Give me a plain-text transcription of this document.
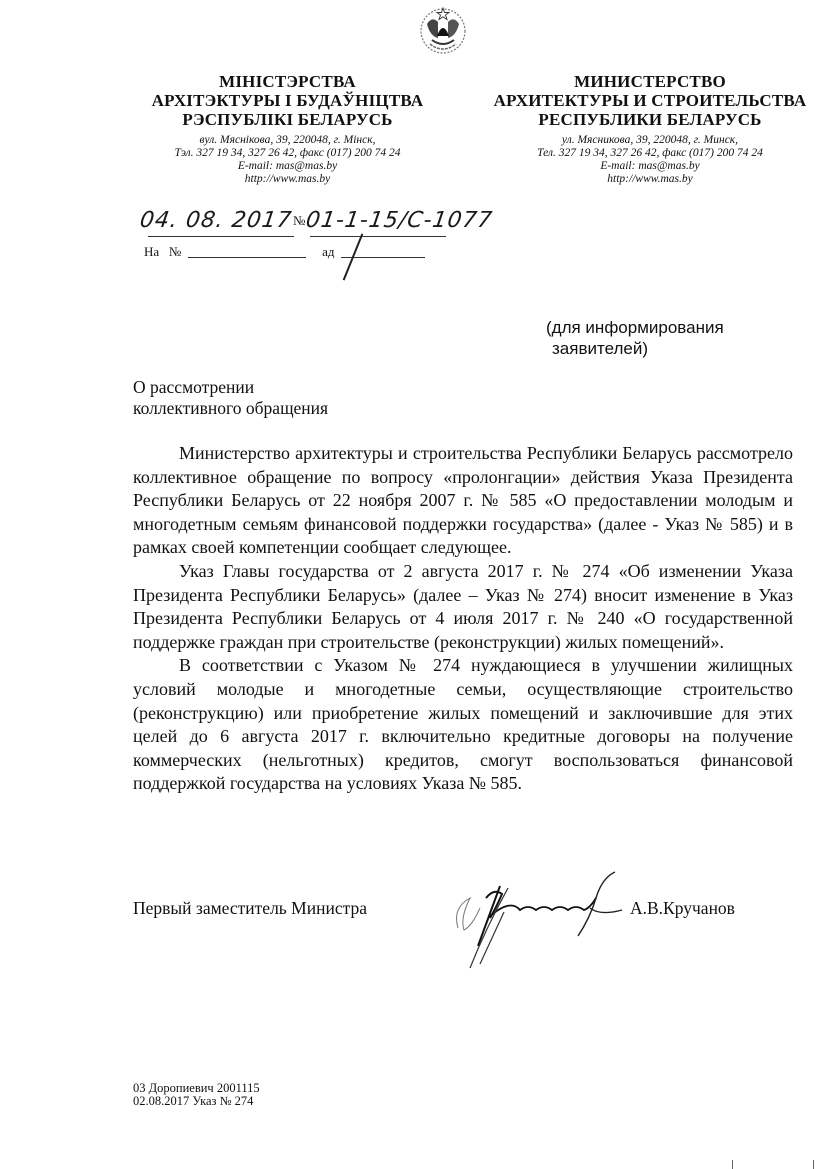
МІНІСТЭРСТВА
АРХІТЭКТУРЫ І БУДАЎНІЦТВА
РЭСПУБЛІКІ БЕЛАРУСЬ
вул. Мяснікова, 39, 220048, г. Мінск,
Тэл. 327 19 34, 327 26 42, факс (017) 200 74 24
E-mail: mas@mas.by
http://www.mas.by
МИНИСТЕРСТВО
АРХИТЕКТУРЫ И СТРОИТЕЛЬСТВА
РЕСПУБЛИКИ БЕЛАРУСЬ
ул. Мясникова, 39, 220048, г. Минск,
Тел. 327 19 34, 327 26 42, факс (017) 200 74 24
E-mail: mas@mas.by
http://www.mas.by
04. 08. 2017№01-1-15/С-1077
На №	ад
(для информирования
заявителей)
О рассмотрении
коллективного обращения

Министерство архитектуры и строительства Республики Беларусь рассмотрело коллективное обращение по вопросу «пролонгации» действия Указа Президента Республики Беларусь от 22 ноября 2007 г. № 585 «О предоставлении молодым и многодетным семьям финансовой поддержки государства» (далее - Указ № 585) и в рамках своей компетенции сообщает следующее.

Указ Главы государства от 2 августа 2017 г. № 274 «Об изменении Указа Президента Республики Беларусь» (далее – Указ № 274) вносит изменение в Указ Президента Республики Беларусь от 4 июля 2017 г. № 240 «О государственной поддержке граждан при строительстве (реконструкции) жилых помещений».

В соответствии с Указом № 274 нуждающиеся в улучшении жилищных условий молодые и многодетные семьи, осуществляющие строительство (реконструкцию) или приобретение жилых помещений и заключившие для этих целей до 6 августа 2017 г. включительно кредитные договоры на получение коммерческих (нельготных) кредитов, смогут воспользоваться финансовой поддержкой государства на условиях Указа № 585.

Первый заместитель Министра	А.В.Кручанов
03 Доропиевич 2001115
02.08.2017 Указ № 274
